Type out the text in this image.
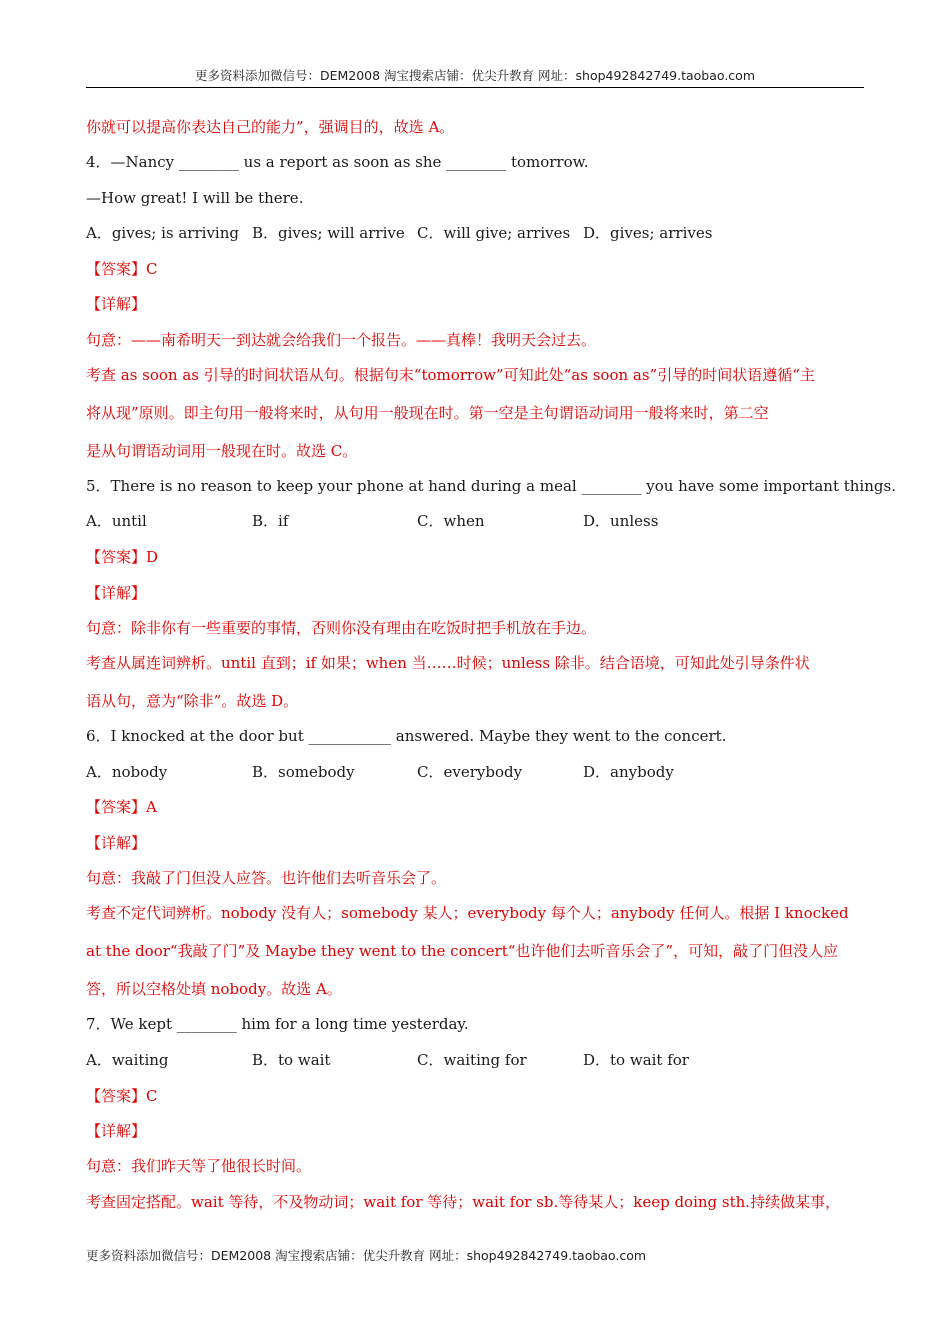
更多资料添加微信号：DEM2008 淘宝搜索店铺：优尖升教育 网址：shop492842749.taobao.com
你就可以提高你表达自己的能力”，强调目的，故选 A。
4．—Nancy ________ us a report as soon as she ________ tomorrow.
—How great! I will be there.
A．gives; is arriving B．gives; will arrive C．will give; arrives D．gives; arrives
【答案】C
【详解】
句意：——南希明天一到达就会给我们一个报告。——真棒！我明天会过去。
考查 as soon as 引导的时间状语从句。根据句末“tomorrow”可知此处“as soon as”引导的时间状语遵循“主
将从现”原则。即主句用一般将来时，从句用一般现在时。第一空是主句谓语动词用一般将来时，第二空
是从句谓语动词用一般现在时。故选 C。
5．There is no reason to keep your phone at hand during a meal ________ you have some important things.
A．until	B．if	C．when	D．unless
【答案】D
【详解】
句意：除非你有一些重要的事情，否则你没有理由在吃饭时把手机放在手边。
考查从属连词辨析。until 直到；if 如果；when 当……时候；unless 除非。结合语境，可知此处引导条件状
语从句，意为“除非”。故选 D。
6．I knocked at the door but ___________ answered. Maybe they went to the concert.
A．nobody	B．somebody	C．everybody	D．anybody
【答案】A
【详解】
句意：我敲了门但没人应答。也许他们去听音乐会了。
考查不定代词辨析。nobody 没有人；somebody 某人；everybody 每个人；anybody 任何人。根据 I knocked
at the door“我敲了门”及 Maybe they went to the concert“也许他们去听音乐会了”，可知，敲了门但没人应
答，所以空格处填 nobody。故选 A。
7．We kept ________ him for a long time yesterday.
A．waiting	B．to wait	C．waiting for	D．to wait for
【答案】C
【详解】
句意：我们昨天等了他很长时间。
考查固定搭配。wait 等待，不及物动词；wait for 等待；wait for sb.等待某人；keep doing sth.持续做某事，
更多资料添加微信号：DEM2008 淘宝搜索店铺：优尖升教育 网址：shop492842749.taobao.com
